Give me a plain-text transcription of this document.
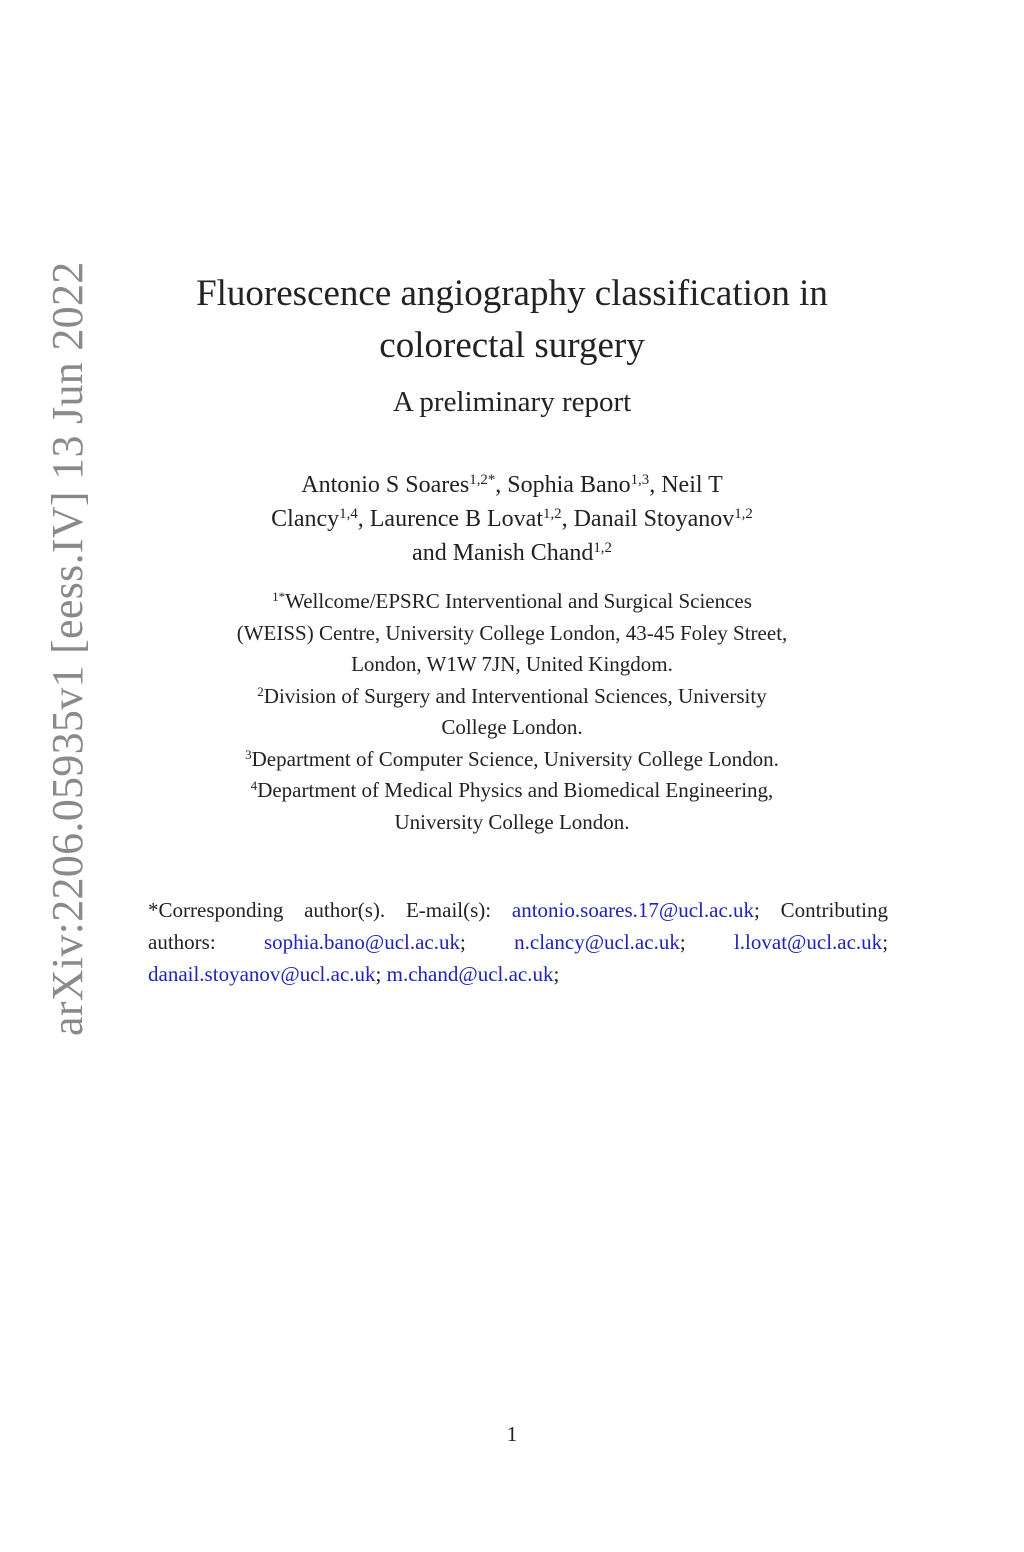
arXiv:2206.05935v1 [eess.IV] 13 Jun 2022	Fluorescence angiography classification in
colorectal surgery
A preliminary report
Antonio S Soares$^{1,2*}$, Sophia Bano$^{1,3}$, Neil T
Clancy$^{1,4}$, Laurence B Lovat$^{1,2}$, Danail Stoyanov$^{1,2}$
and Manish Chand$^{1,2}$
$^{1*}$Wellcome/EPSRC Interventional and Surgical Sciences
(WEISS) Centre, University College London, 43-45 Foley Street,
London, W1W 7JN, United Kingdom.
$^2$Division of Surgery and Interventional Sciences, University
College London.
$^3$Department of Computer Science, University College London.
$^4$Department of Medical Physics and Biomedical Engineering,
University College London.
*Corresponding author(s). E-mail(s): antonio.soares.17@ucl.ac.uk; Contributing authors: sophia.bano@ucl.ac.uk; n.clancy@ucl.ac.uk; l.lovat@ucl.ac.uk; danail.stoyanov@ucl.ac.uk; m.chand@ucl.ac.uk;
1
